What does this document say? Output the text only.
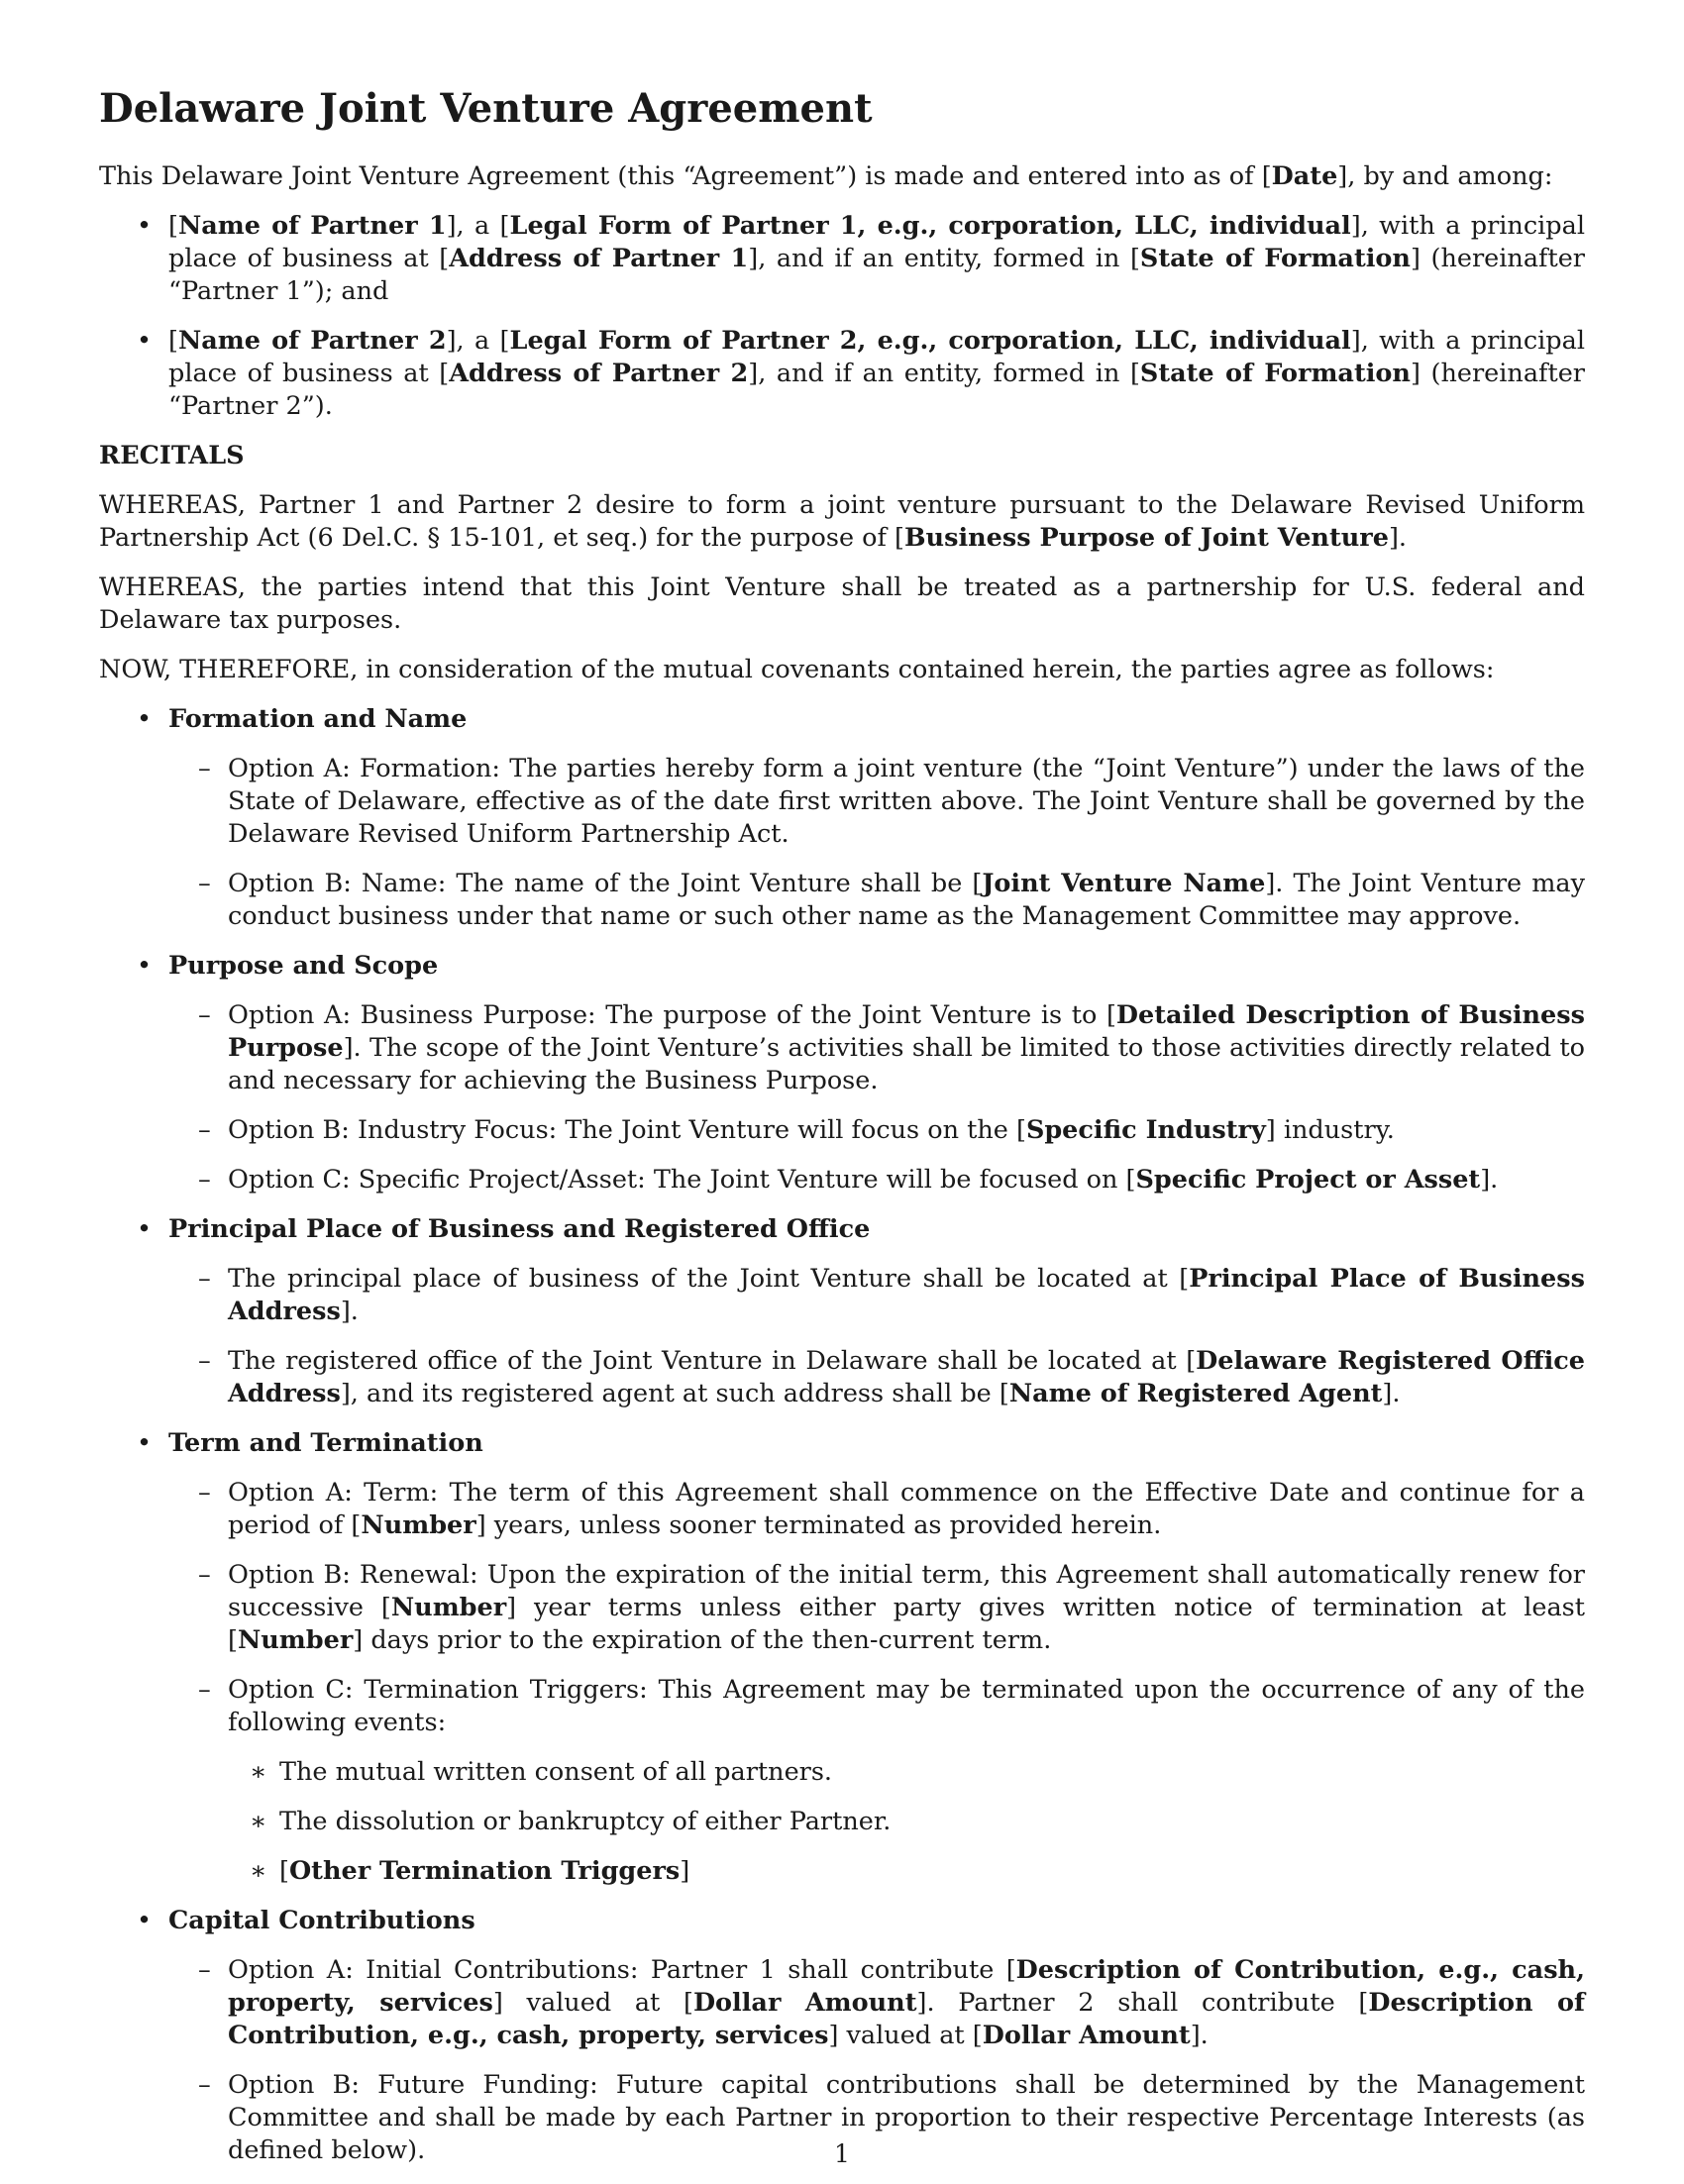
Delaware Joint Venture Agreement

This Delaware Joint Venture Agreement (this “Agreement”) is made and entered into as of [Date], by and among:

• [Name of Partner 1], a [Legal Form of Partner 1, e.g., corporation, LLC, individual], with a principal place of business at [Address of Partner 1], and if an entity, formed in [State of Formation] (hereinafter “Partner 1”); and
• [Name of Partner 2], a [Legal Form of Partner 2, e.g., corporation, LLC, individual], with a principal place of business at [Address of Partner 2], and if an entity, formed in [State of Formation] (hereinafter “Partner 2”).

RECITALS

WHEREAS, Partner 1 and Partner 2 desire to form a joint venture pursuant to the Delaware Revised Uniform Partnership Act (6 Del.C. § 15-101, et seq.) for the purpose of [Business Purpose of Joint Venture].

WHEREAS, the parties intend that this Joint Venture shall be treated as a partnership for U.S. federal and Delaware tax purposes.

NOW, THEREFORE, in consideration of the mutual covenants contained herein, the parties agree as follows:

• Formation and Name
– Option A: Formation: The parties hereby form a joint venture (the “Joint Venture”) under the laws of the State of Delaware, effective as of the date first written above. The Joint Venture shall be governed by the Delaware Revised Uniform Partnership Act.
– Option B: Name: The name of the Joint Venture shall be [Joint Venture Name]. The Joint Venture may conduct business under that name or such other name as the Management Committee may approve.
• Purpose and Scope
– Option A: Business Purpose: The purpose of the Joint Venture is to [Detailed Description of Business Purpose]. The scope of the Joint Venture’s activities shall be limited to those activities directly related to and necessary for achieving the Business Purpose.
– Option B: Industry Focus: The Joint Venture will focus on the [Specific Industry] industry.
– Option C: Specific Project/Asset: The Joint Venture will be focused on [Specific Project or Asset].
• Principal Place of Business and Registered Office
– The principal place of business of the Joint Venture shall be located at [Principal Place of Business Address].
– The registered office of the Joint Venture in Delaware shall be located at [Delaware Registered Office Address], and its registered agent at such address shall be [Name of Registered Agent].
• Term and Termination
– Option A: Term: The term of this Agreement shall commence on the Effective Date and continue for a period of [Number] years, unless sooner terminated as provided herein.
– Option B: Renewal: Upon the expiration of the initial term, this Agreement shall automatically renew for successive [Number] year terms unless either party gives written notice of termination at least [Number] days prior to the expiration of the then-current term.
– Option C: Termination Triggers: This Agreement may be terminated upon the occurrence of any of the following events:
∗ The mutual written consent of all partners.
∗ The dissolution or bankruptcy of either Partner.
∗ [Other Termination Triggers]
• Capital Contributions
– Option A: Initial Contributions: Partner 1 shall contribute [Description of Contribution, e.g., cash, property, services] valued at [Dollar Amount]. Partner 2 shall contribute [Description of Contribution, e.g., cash, property, services] valued at [Dollar Amount].
– Option B: Future Funding: Future capital contributions shall be determined by the Management Committee and shall be made by each Partner in proportion to their respective Percentage Interests (as defined below).	1
